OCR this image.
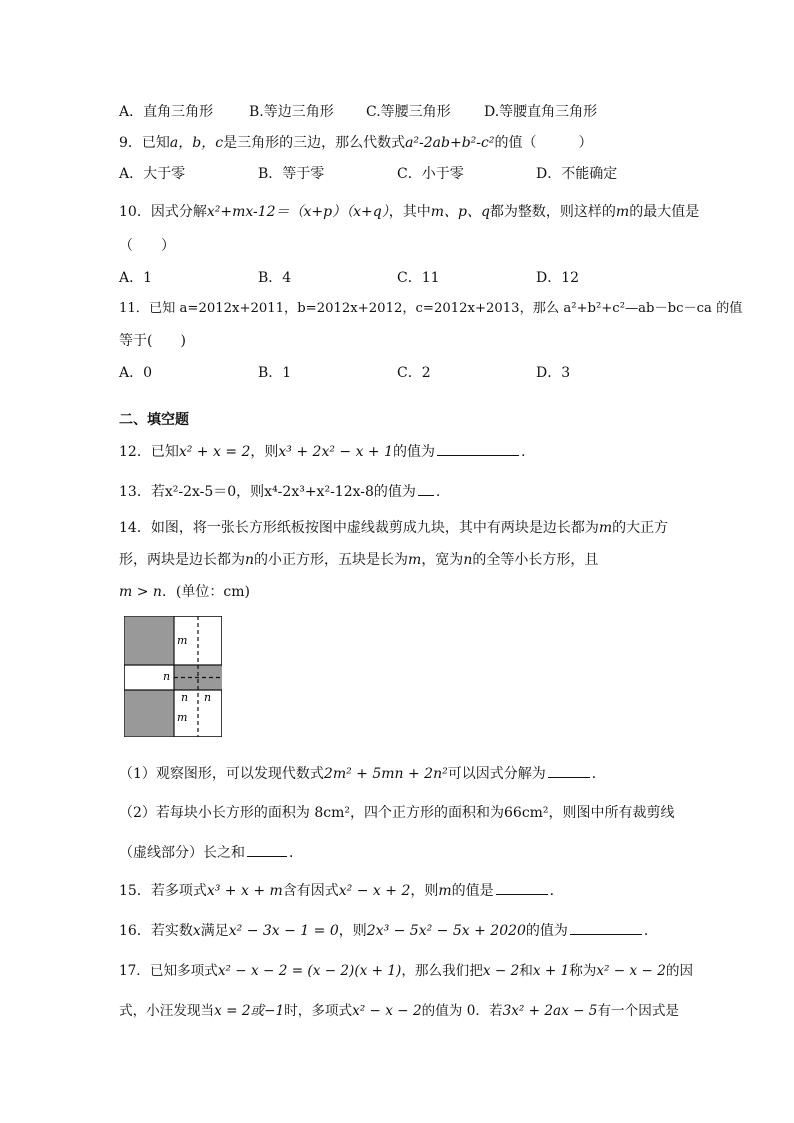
A．直角三角形	B.等边三角形 C.等腰三角形 D.等腰直角三角形
9．已知a，b，c是三角形的三边，那么代数式a²-2ab+b²-c²的值（　　　）
A．大于零	B．等于零	C．小于零	D．不能确定
10．因式分解x²+mx-12＝（x+p）（x+q），其中m、p、q都为整数，则这样的m的最大值是
（　　）
A．1	B．4	C．11	D．12
11．已知 a=2012x+2011，b=2012x+2012，c=2012x+2013，那么 a²+b²+c²—ab－bc－ca 的值
等于(　　)
A．0	B．1	C．2	D．3
二、填空题
12．已知x² + x = 2，则x³ + 2x² − x + 1的值为	.
13．若x²-2x-5＝0，则x⁴-2x³+x²-12x-8的值为 .
14．如图，将一张长方形纸板按图中虚线裁剪成九块，其中有两块是边长都为m的大正方
形，两块是边长都为n的小正方形，五块是长为m，宽为n的全等小长方形，且
m > n．(单位：cm)
m
n
n n
m
（1）观察图形，可以发现代数式2m² + 5mn + 2n²可以因式分解为	．
（2）若每块小长方形的面积为 8cm²，四个正方形的面积和为66cm²，则图中所有裁剪线
（虚线部分）长之和	．
15．若多项式x³ + x + m含有因式x² − x + 2，则m的值是	．
16．若实数x满足x² − 3x − 1 = 0，则2x³ − 5x² − 5x + 2020的值为	．
17．已知多项式x² − x − 2 = (x − 2)(x + 1)，那么我们把x − 2和x + 1称为x² − x − 2的因
式，小汪发现当x = 2或−1时，多项式x² − x − 2的值为 0．若3x² + 2ax − 5有一个因式是
